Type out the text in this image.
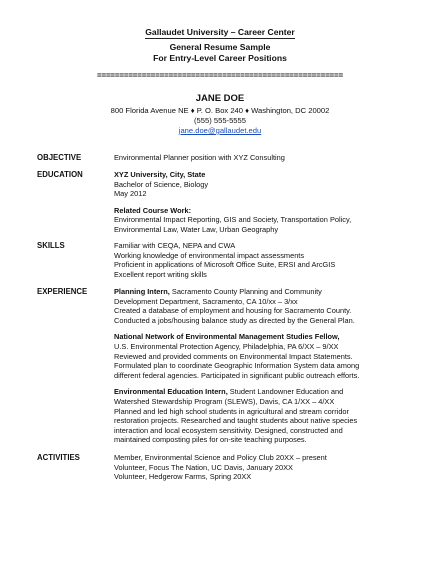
Gallaudet University – Career Center
General Resume Sample
For Entry-Level Career Positions
=======================================================
JANE DOE
800 Florida Avenue NE ♦ P. O. Box 240 ♦ Washington, DC 20002
(555) 555-5555
jane.doe@gallaudet.edu
OBJECTIVE	Environmental Planner position with XYZ Consulting
EDUCATION	XYZ University, City, State
Bachelor of Science, Biology
May 2012
Related Course Work:
Environmental Impact Reporting, GIS and Society, Transportation Policy,
Environmental Law, Water Law, Urban Geography
SKILLS	Familiar with CEQA, NEPA and CWA
Working knowledge of environmental impact assessments
Proficient in applications of Microsoft Office Suite, ERSI and ArcGIS
Excellent report writing skills
EXPERIENCE	Planning Intern, Sacramento County Planning and Community
Development Department, Sacramento, CA 10/xx – 3/xx
Created a database of employment and housing for Sacramento County.
Conducted a jobs/housing balance study as directed by the General Plan.
National Network of Environmental Management Studies Fellow,
U.S. Environmental Protection Agency, Philadelphia, PA 6/XX – 9/XX
Reviewed and provided comments on Environmental Impact Statements.
Formulated plan to coordinate Geographic Information System data among
different federal agencies. Participated in significant public outreach efforts.
Environmental Education Intern, Student Landowner Education and
Watershed Stewardship Program (SLEWS), Davis, CA 1/XX – 4/XX
Planned and led high school students in agricultural and stream corridor
restoration projects. Researched and taught students about native species
interaction and local ecosystem sensitivity. Designed, constructed and
maintained composting piles for on-site teaching purposes.
ACTIVITIES	Member, Environmental Science and Policy Club 20XX – present
Volunteer, Focus The Nation, UC Davis, January 20XX
Volunteer, Hedgerow Farms, Spring 20XX
